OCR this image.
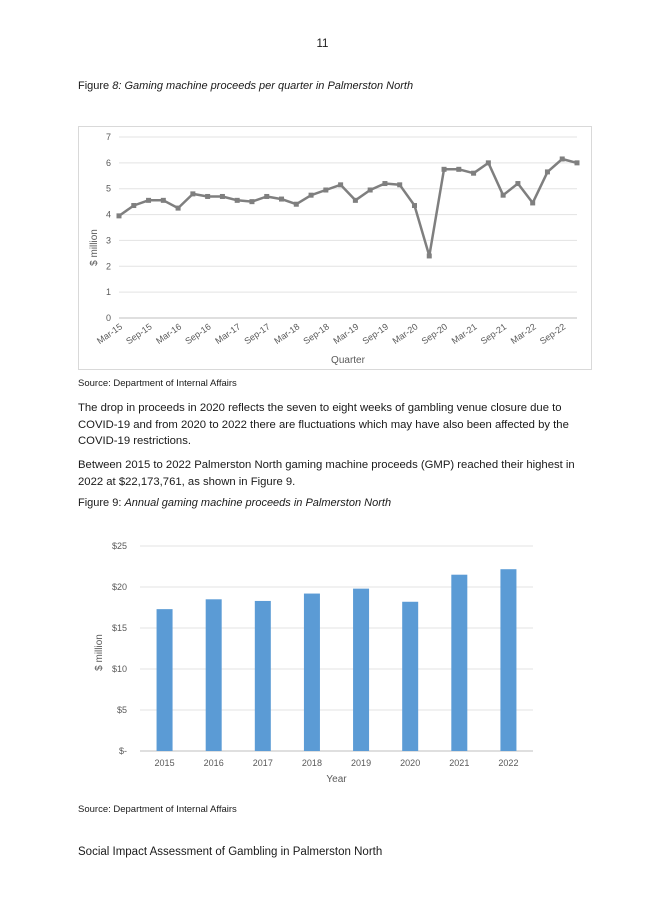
11
Figure 8: Gaming machine proceeds per quarter in Palmerston North
0
1
2
3
4
5
6
7
Mar-15 Sep-15 Mar-16 Sep-16 Mar-17 Sep-17 Mar-18 Sep-18 Mar-19 Sep-19 Mar-20 Sep-20 Mar-21 Sep-21 Mar-22 Sep-22
Quarter
$ million
Source: Department of Internal Affairs
The drop in proceeds in 2020 reflects the seven to eight weeks of gambling venue closure due to COVID-19 and from 2020 to 2022 there are fluctuations which may have also been affected by the COVID-19 restrictions.
Between 2015 to 2022 Palmerston North gaming machine proceeds (GMP) reached their highest in 2022 at $22,173,761, as shown in Figure 9.
Figure 9: Annual gaming machine proceeds in Palmerston North
$-
$5
$10
$15
$20
$25
2015	2016	2017	2018	2019	2020	2021	2022
Year
$ million
Source: Department of Internal Affairs
Social Impact Assessment of Gambling in Palmerston North
